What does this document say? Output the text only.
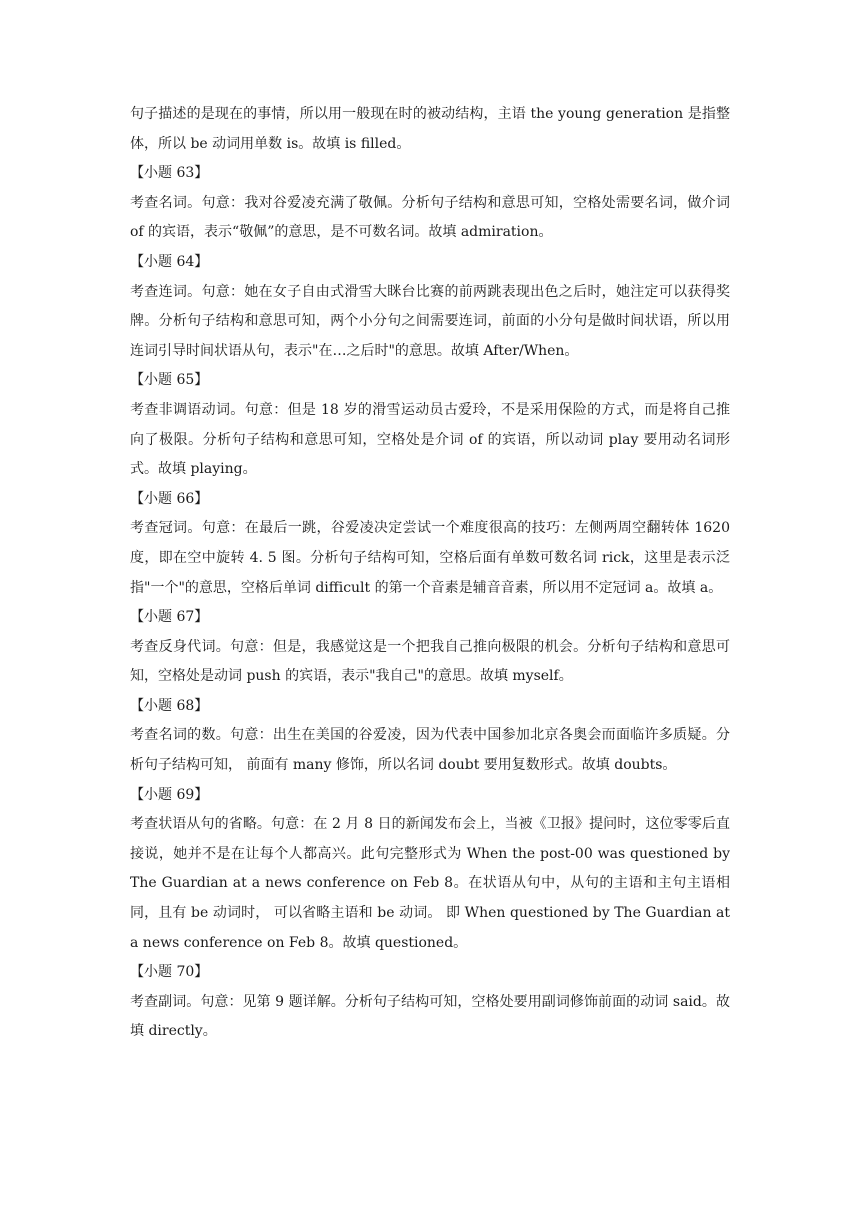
句子描述的是现在的事情，所以用一般现在时的被动结构，主语 the young generation 是指整体，所以 be 动词用单数 is。故填 is filled。

【小题 63】

考查名词。句意：我对谷爱凌充满了敬佩。分析句子结构和意思可知，空格处需要名词，做介词 of 的宾语，表示“敬佩”的意思，是不可数名词。故填 admiration。

【小题 64】

考查连词。句意：她在女子自由式滑雪大眯台比赛的前两跳表现出色之后时，她注定可以获得奖牌。分析句子结构和意思可知，两个小分句之间需要连词，前面的小分句是做时间状语，所以用连词引导时间状语从句，表示"在…之后时"的意思。故填 After/When。

【小题 65】

考查非调语动词。句意：但是 18 岁的滑雪运动员古爱玲，不是采用保险的方式，而是将自己推向了极限。分析句子结构和意思可知，空格处是介词 of 的宾语，所以动词 play 要用动名词形式。故填 playing。

【小题 66】

考查冠词。句意：在最后一跳，谷爱凌决定尝试一个难度很高的技巧：左侧两周空翻转体 1620 度，即在空中旋转 4. 5 图。分析句子结构可知，空格后面有单数可数名词 rick，这里是表示泛指"一个"的意思，空格后单词 difficult 的第一个音素是辅音音素，所以用不定冠词 a。故填 a。

【小题 67】

考查反身代词。句意：但是，我感觉这是一个把我自己推向极限的机会。分析句子结构和意思可知，空格处是动词 push 的宾语，表示"我自己"的意思。故填 myself。

【小题 68】

考查名词的数。句意：出生在美国的谷爱凌，因为代表中国参加北京各奥会而面临许多质疑。分析句子结构可知， 前面有 many 修饰，所以名词 doubt 要用复数形式。故填 doubts。

【小题 69】

考查状语从句的省略。句意：在 2 月 8 日的新闻发布会上，当被《卫报》提问时，这位零零后直接说，她并不是在让每个人都高兴。此句完整形式为 When the post-00 was questioned by The Guardian at a news conference on Feb 8。在状语从句中，从句的主语和主句主语相同，且有 be 动词时， 可以省略主语和 be 动词。 即 When questioned by The Guardian at a news conference on Feb 8。故填 questioned。

【小题 70】

考查副词。句意：见第 9 题详解。分析句子结构可知，空格处要用副词修饰前面的动词 said。故填 directly。
